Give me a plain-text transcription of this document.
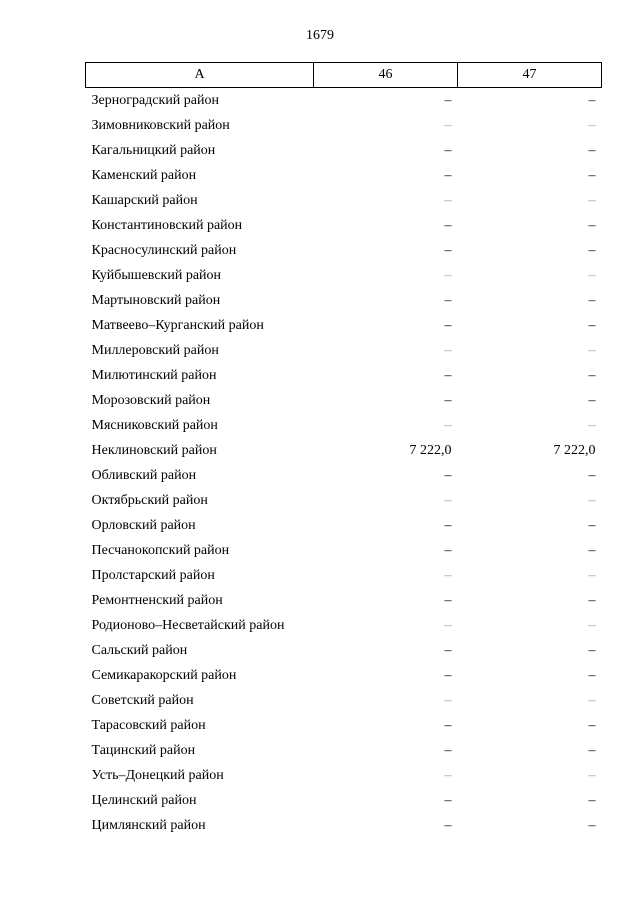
1679
А	46	47
Зерноградский район	–	–
Зимовниковский район	–	–
Кагальницкий район	–	–
Каменский район	–	–
Кашарский район	–	–
Константиновский район	–	–
Красносулинский район	–	–
Куйбышевский район	–	–
Мартыновский район	–	–
Матвеево–Курганский район	–	–
Миллеровский район	–	–
Милютинский район	–	–
Морозовский район	–	–
Мясниковский район	–	–
Неклиновский район	7 222,0	7 222,0
Обливский район	–	–
Октябрьский район	–	–
Орловский район	–	–
Песчанокопский район	–	–
Пролстарский район	–	–
Ремонтненский район	–	–
Родионово–Несветайский район	–	–
Сальский район	–	–
Семикаракорский район	–	–
Советский район	–	–
Тарасовский район	–	–
Тацинский район	–	–
Усть–Донецкий район	–	–
Целинский район	–	–
Цимлянский район	–	–
